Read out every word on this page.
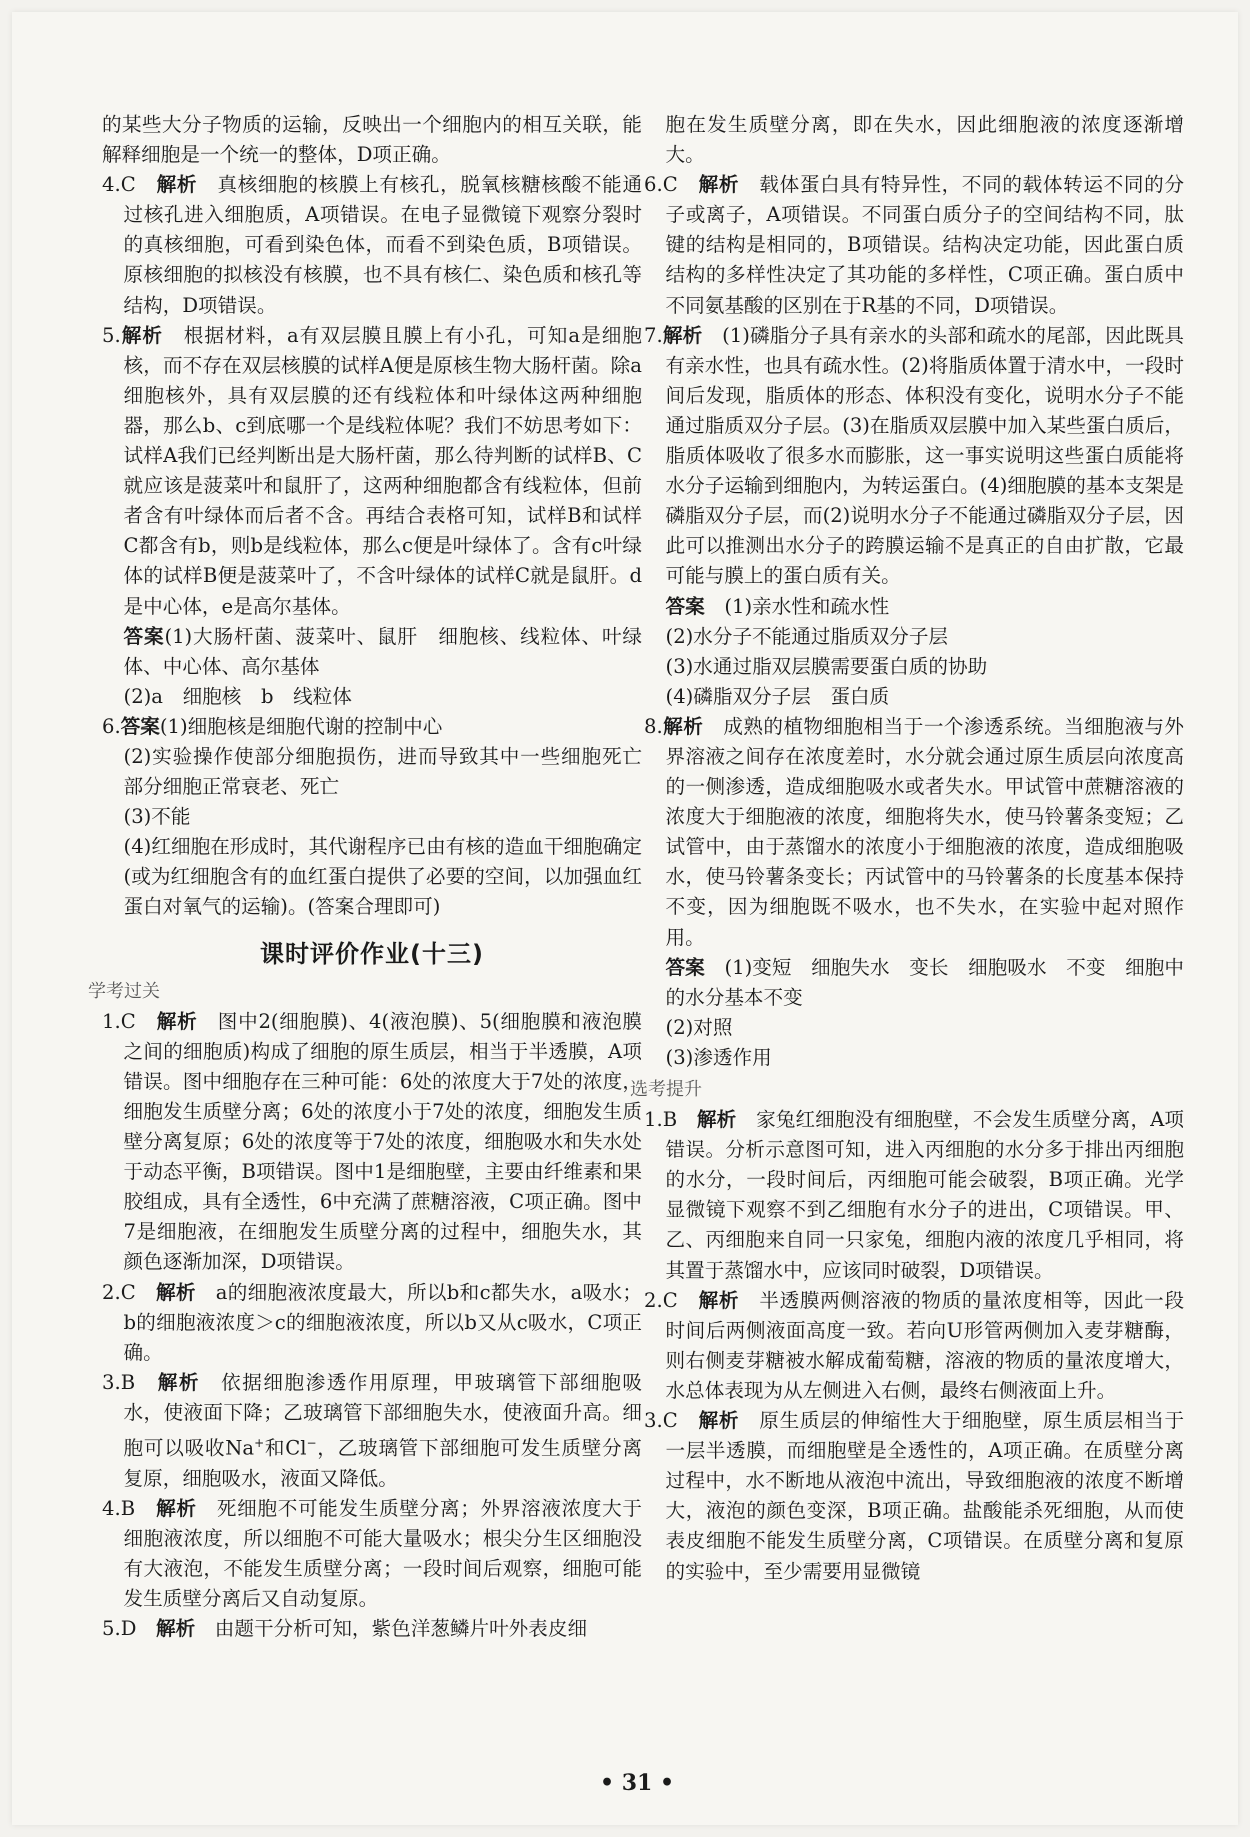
的某些大分子物质的运输，反映出一个细胞内的相互关联，能解释细胞是一个统一的整体，D项正确。

4.C　 解析　 真核细胞的核膜上有核孔，脱氧核糖核酸不能通过核孔进入细胞质，A项错误。在电子显微镜下观察分裂时的真核细胞，可看到染色体，而看不到染色质，B项错误。原核细胞的拟核没有核膜，也不具有核仁、染色质和核孔等结构，D项错误。

5.解析　 根据材料，a有双层膜且膜上有小孔，可知a是细胞核，而不存在双层核膜的试样A便是原核生物大肠杆菌。除a细胞核外，具有双层膜的还有线粒体和叶绿体这两种细胞器，那么b、c到底哪一个是线粒体呢？我们不妨思考如下：试样A我们已经判断出是大肠杆菌，那么待判断的试样B、C就应该是菠菜叶和鼠肝了，这两种细胞都含有线粒体，但前者含有叶绿体而后者不含。再结合表格可知，试样B和试样C都含有b，则b是线粒体，那么c便是叶绿体了。含有c叶绿体的试样B便是菠菜叶了，不含叶绿体的试样C就是鼠肝。d是中心体，e是高尔基体。

答案(1)大肠杆菌、菠菜叶、鼠肝　细胞核、线粒体、叶绿体、中心体、高尔基体

(2)a　细胞核　b　线粒体

6.答案(1)细胞核是细胞代谢的控制中心

(2)实验操作使部分细胞损伤，进而导致其中一些细胞死亡　部分细胞正常衰老、死亡

(3)不能

(4)红细胞在形成时，其代谢程序已由有核的造血干细胞确定(或为红细胞含有的血红蛋白提供了必要的空间，以加强血红蛋白对氧气的运输)。(答案合理即可)

课时评价作业(十三)
学考过关

1.C　 解析　 图中2(细胞膜)、4(液泡膜)、5(细胞膜和液泡膜之间的细胞质)构成了细胞的原生质层，相当于半透膜，A项错误。图中细胞存在三种可能：6处的浓度大于7处的浓度，细胞发生质壁分离；6处的浓度小于7处的浓度，细胞发生质壁分离复原；6处的浓度等于7处的浓度，细胞吸水和失水处于动态平衡，B项错误。图中1是细胞壁，主要由纤维素和果胶组成，具有全透性，6中充满了蔗糖溶液，C项正确。图中7是细胞液，在细胞发生质壁分离的过程中，细胞失水，其颜色逐渐加深，D项错误。

2.C　 解析　 a的细胞液浓度最大，所以b和c都失水，a吸水；b的细胞液浓度＞c的细胞液浓度，所以b又从c吸水，C项正确。

3.B　 解析　 依据细胞渗透作用原理，甲玻璃管下部细胞吸水，使液面下降；乙玻璃管下部细胞失水，使液面升高。细胞可以吸收Na+和Cl−，乙玻璃管下部细胞可发生质壁分离复原，细胞吸水，液面又降低。

4.B　 解析　 死细胞不可能发生质壁分离；外界溶液浓度大于细胞液浓度，所以细胞不可能大量吸水；根尖分生区细胞没有大液泡，不能发生质壁分离；一段时间后观察，细胞可能发生质壁分离后又自动复原。

5.D　 解析　 由题干分析可知，紫色洋葱鳞片叶外表皮细

胞在发生质壁分离，即在失水，因此细胞液的浓度逐渐增大。

6.C　 解析　 载体蛋白具有特异性，不同的载体转运不同的分子或离子，A项错误。不同蛋白质分子的空间结构不同，肽键的结构是相同的，B项错误。结构决定功能，因此蛋白质结构的多样性决定了其功能的多样性，C项正确。蛋白质中不同氨基酸的区别在于R基的不同，D项错误。

7.解析　 (1)磷脂分子具有亲水的头部和疏水的尾部，因此既具有亲水性，也具有疏水性。(2)将脂质体置于清水中，一段时间后发现，脂质体的形态、体积没有变化，说明水分子不能通过脂质双分子层。(3)在脂质双层膜中加入某些蛋白质后，脂质体吸收了很多水而膨胀，这一事实说明这些蛋白质能将水分子运输到细胞内，为转运蛋白。(4)细胞膜的基本支架是磷脂双分子层，而(2)说明水分子不能通过磷脂双分子层，因此可以推测出水分子的跨膜运输不是真正的自由扩散，它最可能与膜上的蛋白质有关。

答案　 (1)亲水性和疏水性

(2)水分子不能通过脂质双分子层

(3)水通过脂双层膜需要蛋白质的协助

(4)磷脂双分子层　蛋白质

8.解析　 成熟的植物细胞相当于一个渗透系统。当细胞液与外界溶液之间存在浓度差时，水分就会通过原生质层向浓度高的一侧渗透，造成细胞吸水或者失水。甲试管中蔗糖溶液的浓度大于细胞液的浓度，细胞将失水，使马铃薯条变短；乙试管中，由于蒸馏水的浓度小于细胞液的浓度，造成细胞吸水，使马铃薯条变长；丙试管中的马铃薯条的长度基本保持不变，因为细胞既不吸水，也不失水，在实验中起对照作用。

答案　 (1)变短　细胞失水　变长　细胞吸水　不变　细胞中的水分基本不变

(2)对照

(3)渗透作用

选考提升

1.B　 解析　 家兔红细胞没有细胞壁，不会发生质壁分离，A项错误。分析示意图可知，进入丙细胞的水分多于排出丙细胞的水分，一段时间后，丙细胞可能会破裂，B项正确。光学显微镜下观察不到乙细胞有水分子的进出，C项错误。甲、乙、丙细胞来自同一只家兔，细胞内液的浓度几乎相同，将其置于蒸馏水中，应该同时破裂，D项错误。

2.C　 解析　 半透膜两侧溶液的物质的量浓度相等，因此一段时间后两侧液面高度一致。若向U形管两侧加入麦芽糖酶，则右侧麦芽糖被水解成葡萄糖，溶液的物质的量浓度增大，水总体表现为从左侧进入右侧，最终右侧液面上升。

3.C　 解析　 原生质层的伸缩性大于细胞壁，原生质层相当于一层半透膜，而细胞壁是全透性的，A项正确。在质壁分离过程中，水不断地从液泡中流出，导致细胞液的浓度不断增大，液泡的颜色变深，B项正确。盐酸能杀死细胞，从而使表皮细胞不能发生质壁分离，C项错误。在质壁分离和复原的实验中，至少需要用显微镜

• 31 •
